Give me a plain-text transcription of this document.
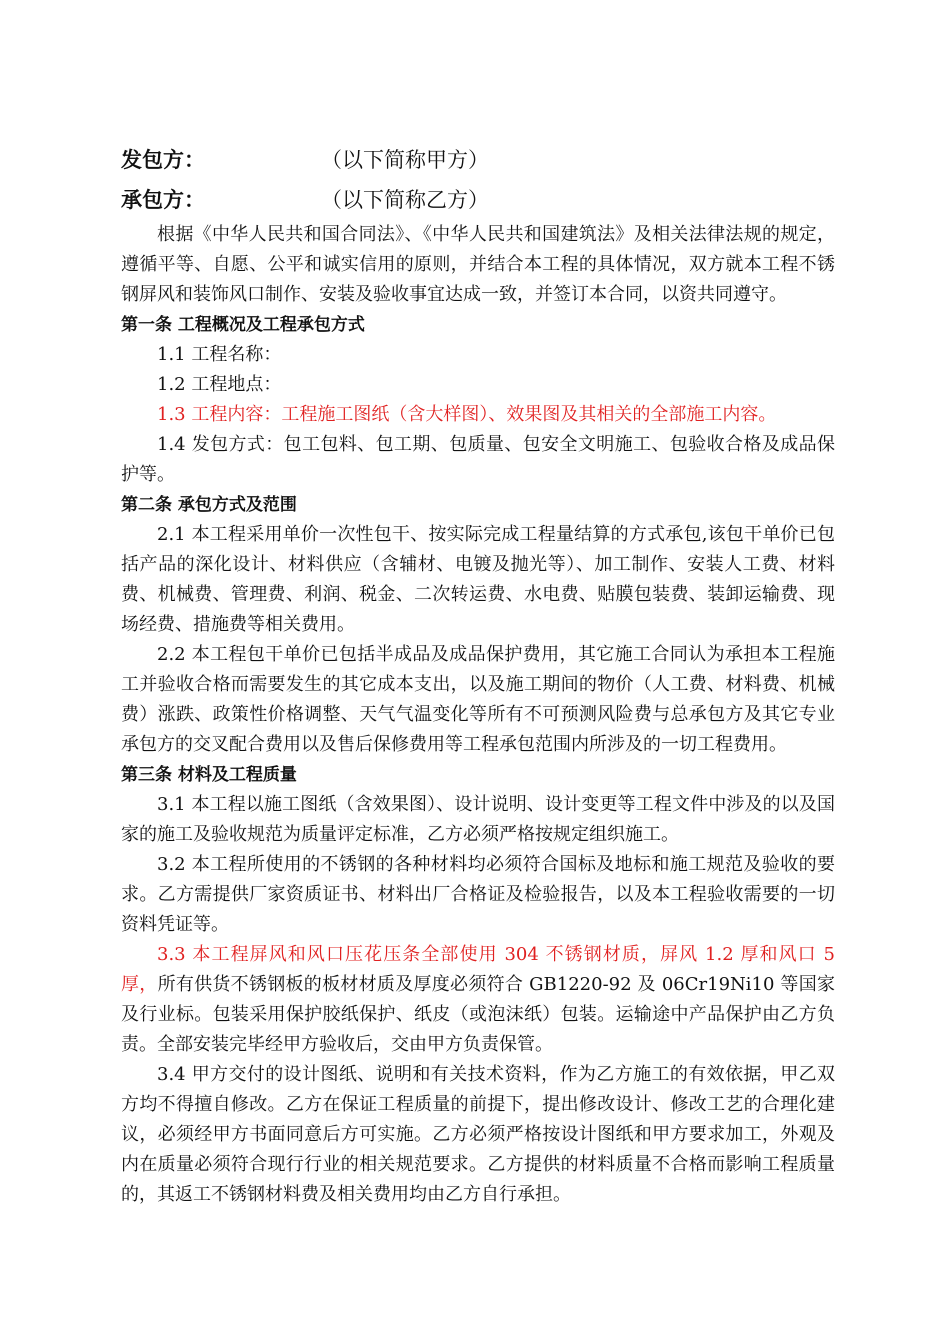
发包方：	（以下简称甲方）
承包方：	（以下简称乙方）

根据《中华人民共和国合同法》、《中华人民共和国建筑法》及相关法律法规的规定，遵循平等、自愿、公平和诚实信用的原则，并结合本工程的具体情况，双方就本工程不锈钢屏风和装饰风口制作、安装及验收事宜达成一致，并签订本合同，以资共同遵守。

第一条 工程概况及工程承包方式

1.1 工程名称：

1.2 工程地点：

1.3 工程内容：工程施工图纸（含大样图）、效果图及其相关的全部施工内容。

1.4 发包方式：包工包料、包工期、包质量、包安全文明施工、包验收合格及成品保护等。

第二条 承包方式及范围

2.1 本工程采用单价一次性包干、按实际完成工程量结算的方式承包,该包干单价已包括产品的深化设计、材料供应（含辅材、电镀及抛光等）、加工制作、安装人工费、材料费、机械费、管理费、利润、税金、二次转运费、水电费、贴膜包装费、装卸运输费、现场经费、措施费等相关费用。

2.2 本工程包干单价已包括半成品及成品保护费用，其它施工合同认为承担本工程施工并验收合格而需要发生的其它成本支出，以及施工期间的物价（人工费、材料费、机械费）涨跌、政策性价格调整、天气气温变化等所有不可预测风险费与总承包方及其它专业承包方的交叉配合费用以及售后保修费用等工程承包范围内所涉及的一切工程费用。

第三条 材料及工程质量

3.1 本工程以施工图纸（含效果图）、设计说明、设计变更等工程文件中涉及的以及国家的施工及验收规范为质量评定标准，乙方必须严格按规定组织施工。

3.2 本工程所使用的不锈钢的各种材料均必须符合国标及地标和施工规范及验收的要求。乙方需提供厂家资质证书、材料出厂合格证及检验报告，以及本工程验收需要的一切资料凭证等。

3.3 本工程屏风和风口压花压条全部使用 304 不锈钢材质，屏风 1.2 厚和风口 5 厚，所有供货不锈钢板的板材材质及厚度必须符合 GB1220-92 及 06Cr19Ni10 等国家及行业标。包装采用保护胶纸保护、纸皮（或泡沫纸）包装。运输途中产品保护由乙方负责。全部安装完毕经甲方验收后，交由甲方负责保管。

3.4 甲方交付的设计图纸、说明和有关技术资料，作为乙方施工的有效依据，甲乙双方均不得擅自修改。乙方在保证工程质量的前提下，提出修改设计、修改工艺的合理化建议，必须经甲方书面同意后方可实施。乙方必须严格按设计图纸和甲方要求加工，外观及内在质量必须符合现行行业的相关规范要求。乙方提供的材料质量不合格而影响工程质量的，其返工不锈钢材料费及相关费用均由乙方自行承担。
